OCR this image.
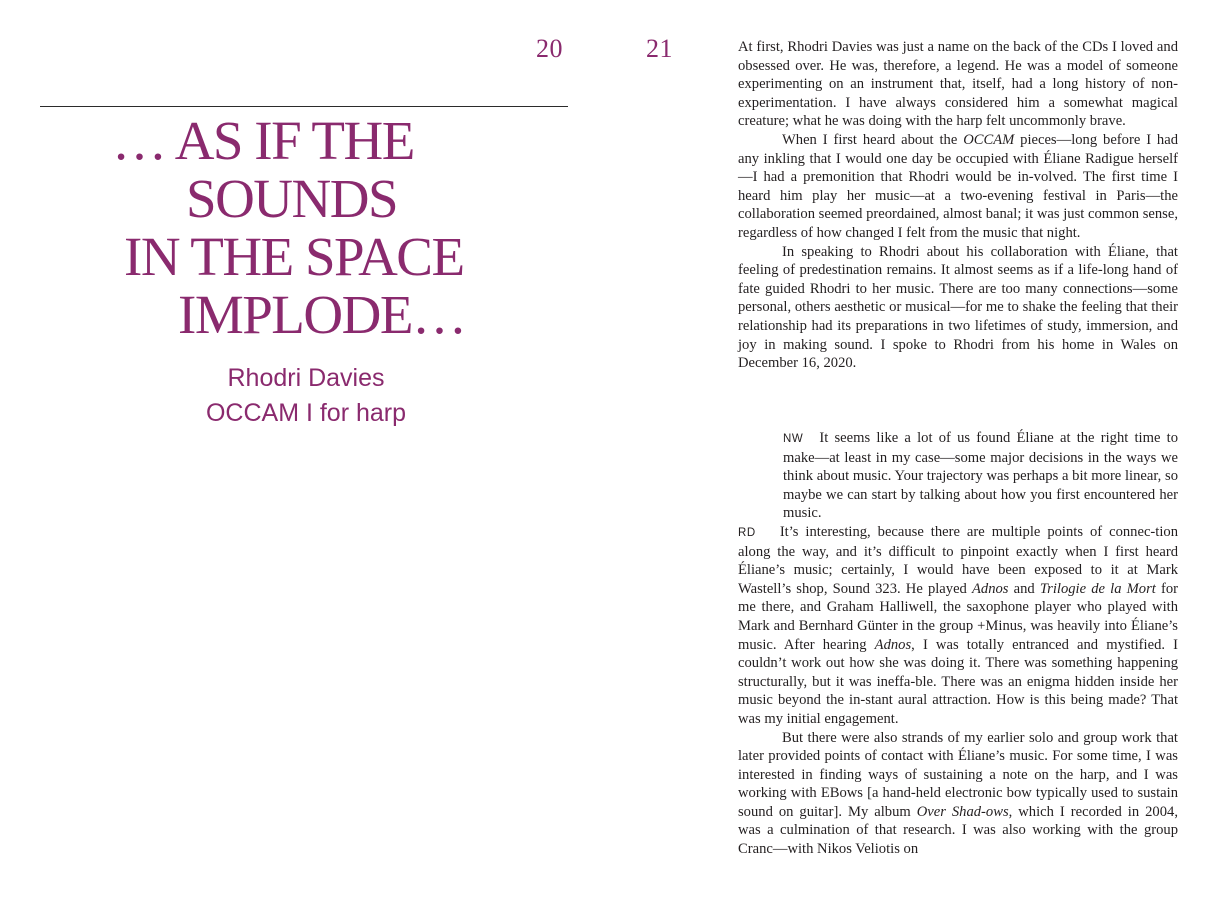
20
… AS IF THE
SOUNDS
IN THE SPACE
IMPLODE…
Rhodri Davies
OCCAM I for harp
21	At first, Rhodri Davies was just a name on the back of the CDs I loved and obsessed over. He was, therefore, a legend. He was a model of someone experimenting on an instrument that, itself, had a long history of non-experimentation. I have always considered him a somewhat magical creature; what he was doing with the harp felt uncommonly brave.

When I first heard about the OCCAM pieces—long before I had any inkling that I would one day be occupied with Éliane Radigue herself—I had a premonition that Rhodri would be in-volved. The first time I heard him play her music—at a two-evening festival in Paris—the collaboration seemed preordained, almost banal; it was just common sense, regardless of how changed I felt from the music that night.

In speaking to Rhodri about his collaboration with Éliane, that feeling of predestination remains. It almost seems as if a life-long hand of fate guided Rhodri to her music. There are too many connections—some personal, others aesthetic or musical—for me to shake the feeling that their relationship had its preparations in two lifetimes of study, immersion, and joy in making sound. I spoke to Rhodri from his home in Wales on December 16, 2020.

NW It seems like a lot of us found Éliane at the right time to make—at least in my case—some major decisions in the ways we think about music. Your trajectory was perhaps a bit more linear, so maybe we can start by talking about how you first encountered her music.

RD It’s interesting, because there are multiple points of connec-tion along the way, and it’s difficult to pinpoint exactly when I first heard Éliane’s music; certainly, I would have been exposed to it at Mark Wastell’s shop, Sound 323. He played Adnos and Trilogie de la Mort for me there, and Graham Halliwell, the saxophone player who played with Mark and Bernhard Günter in the group +Minus, was heavily into Éliane’s music. After hearing Adnos, I was totally entranced and mystified. I couldn’t work out how she was doing it. There was something happening structurally, but it was ineffa-ble. There was an enigma hidden inside her music beyond the in-stant aural attraction. How is this being made? That was my initial engagement.

But there were also strands of my earlier solo and group work that later provided points of contact with Éliane’s music. For some time, I was interested in finding ways of sustaining a note on the harp, and I was working with EBows [a hand-held electronic bow typically used to sustain sound on guitar]. My album Over Shad-ows, which I recorded in 2004, was a culmination of that research. I was also working with the group Cranc—with Nikos Veliotis on
